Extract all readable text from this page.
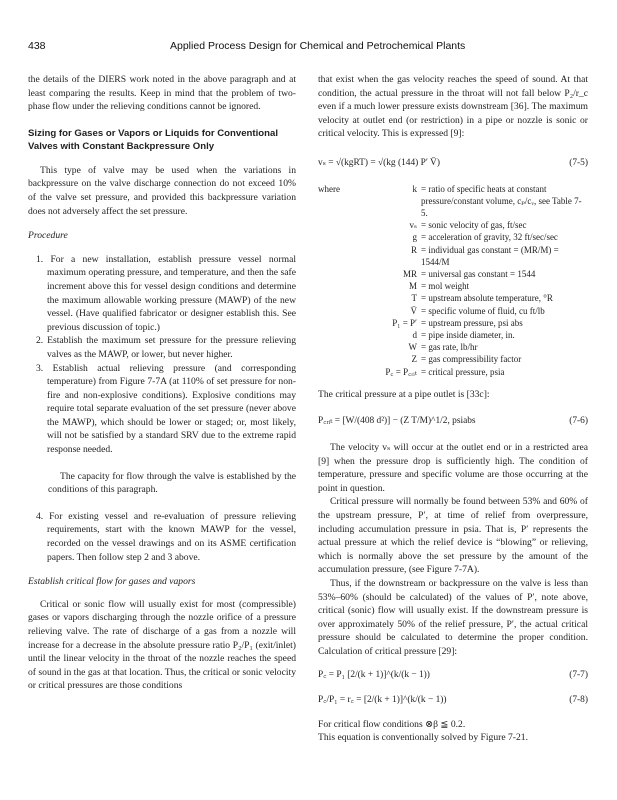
438	Applied Process Design for Chemical and Petrochemical Plants

the details of the DIERS work noted in the above paragraph and at least comparing the results. Keep in mind that the problem of two-phase flow under the relieving conditions cannot be ignored.

Sizing for Gases or Vapors or Liquids for Conventional Valves with Constant Backpressure Only

This type of valve may be used when the variations in backpressure on the valve discharge connection do not exceed 10% of the valve set pressure, and provided this backpressure variation does not adversely affect the set pressure.

Procedure

1. For a new installation, establish pressure vessel normal maximum operating pressure, and temperature, and then the safe increment above this for vessel design conditions and determine the maximum allowable working pressure (MAWP) of the new vessel. (Have qualified fabricator or designer establish this. See previous discussion of topic.)

2. Establish the maximum set pressure for the pressure relieving valves as the MAWP, or lower, but never higher.

3. Establish actual relieving pressure (and corresponding temperature) from Figure 7-7A (at 110% of set pressure for non-fire and non-explosive conditions). Explosive conditions may require total separate evaluation of the set pressure (never above the MAWP), which should be lower or staged; or, most likely, will not be satisfied by a standard SRV due to the extreme rapid response needed.

The capacity for flow through the valve is established by the conditions of this paragraph.

4. For existing vessel and re-evaluation of pressure relieving requirements, start with the known MAWP for the vessel, recorded on the vessel drawings and on its ASME certification papers. Then follow step 2 and 3 above.

Establish critical flow for gases and vapors

Critical or sonic flow will usually exist for most (compressible) gases or vapors discharging through the nozzle orifice of a pressure relieving valve. The rate of discharge of a gas from a nozzle will increase for a decrease in the absolute pressure ratio P₂/P₁ (exit/inlet) until the linear velocity in the throat of the nozzle reaches the speed of sound in the gas at that location. Thus, the critical or sonic velocity or critical pressures are those conditions

that exist when the gas velocity reaches the speed of sound. At that condition, the actual pressure in the throat will not fall below P₂/r_c even if a much lower pressure exists downstream [36]. The maximum velocity at outlet end (or restriction) in a pipe or nozzle is sonic or critical velocity. This is expressed [9]:

vₛ = √(kgRT) = √(kg (144) P′ V̄)	(7-5)
where	k = ratio of specific heats at constant pressure/constant volume, cₚ/cᵥ, see Table 7-5.
vₛ = sonic velocity of gas, ft/sec
g = acceleration of gravity, 32 ft/sec/sec
R = individual gas constant = (MR/M) = 1544/M
MR = universal gas constant = 1544
M = mol weight
T = upstream absolute temperature, °R
V̄ = specific volume of fluid, cu ft/lb
P₁ = P′ = upstream pressure, psi abs
d = pipe inside diameter, in.
W = gas rate, lb/hr
Z = gas compressibility factor
P꜀ = P꜀ᵣᵢₜ = critical pressure, psia

The critical pressure at a pipe outlet is [33c]:

P꜀ᵣᵢₜ = [W/(408 d²)] − (Z T/M)^1/2, psiabs	(7-6)

The velocity vₛ will occur at the outlet end or in a restricted area [9] when the pressure drop is sufficiently high. The condition of temperature, pressure and specific volume are those occurring at the point in question.

Critical pressure will normally be found between 53% and 60% of the upstream pressure, P′, at time of relief from overpressure, including accumulation pressure in psia. That is, P′ represents the actual pressure at which the relief device is “blowing” or relieving, which is normally above the set pressure by the amount of the accumulation pressure, (see Figure 7-7A).

Thus, if the downstream or backpressure on the valve is less than 53%–60% (should be calculated) of the values of P′, note above, critical (sonic) flow will usually exist. If the downstream pressure is over approximately 50% of the relief pressure, P′, the actual critical pressure should be calculated to determine the proper condition. Calculation of critical pressure [29]:

P꜀ = P₁ [2/(k + 1)]^(k/(k − 1))	(7-7)
P꜀/P₁ = r꜀ = [2/(k + 1)]^(k/(k − 1))	(7-8)

For critical flow conditions ⊗β ≦ 0.2.

This equation is conventionally solved by Figure 7-21.
